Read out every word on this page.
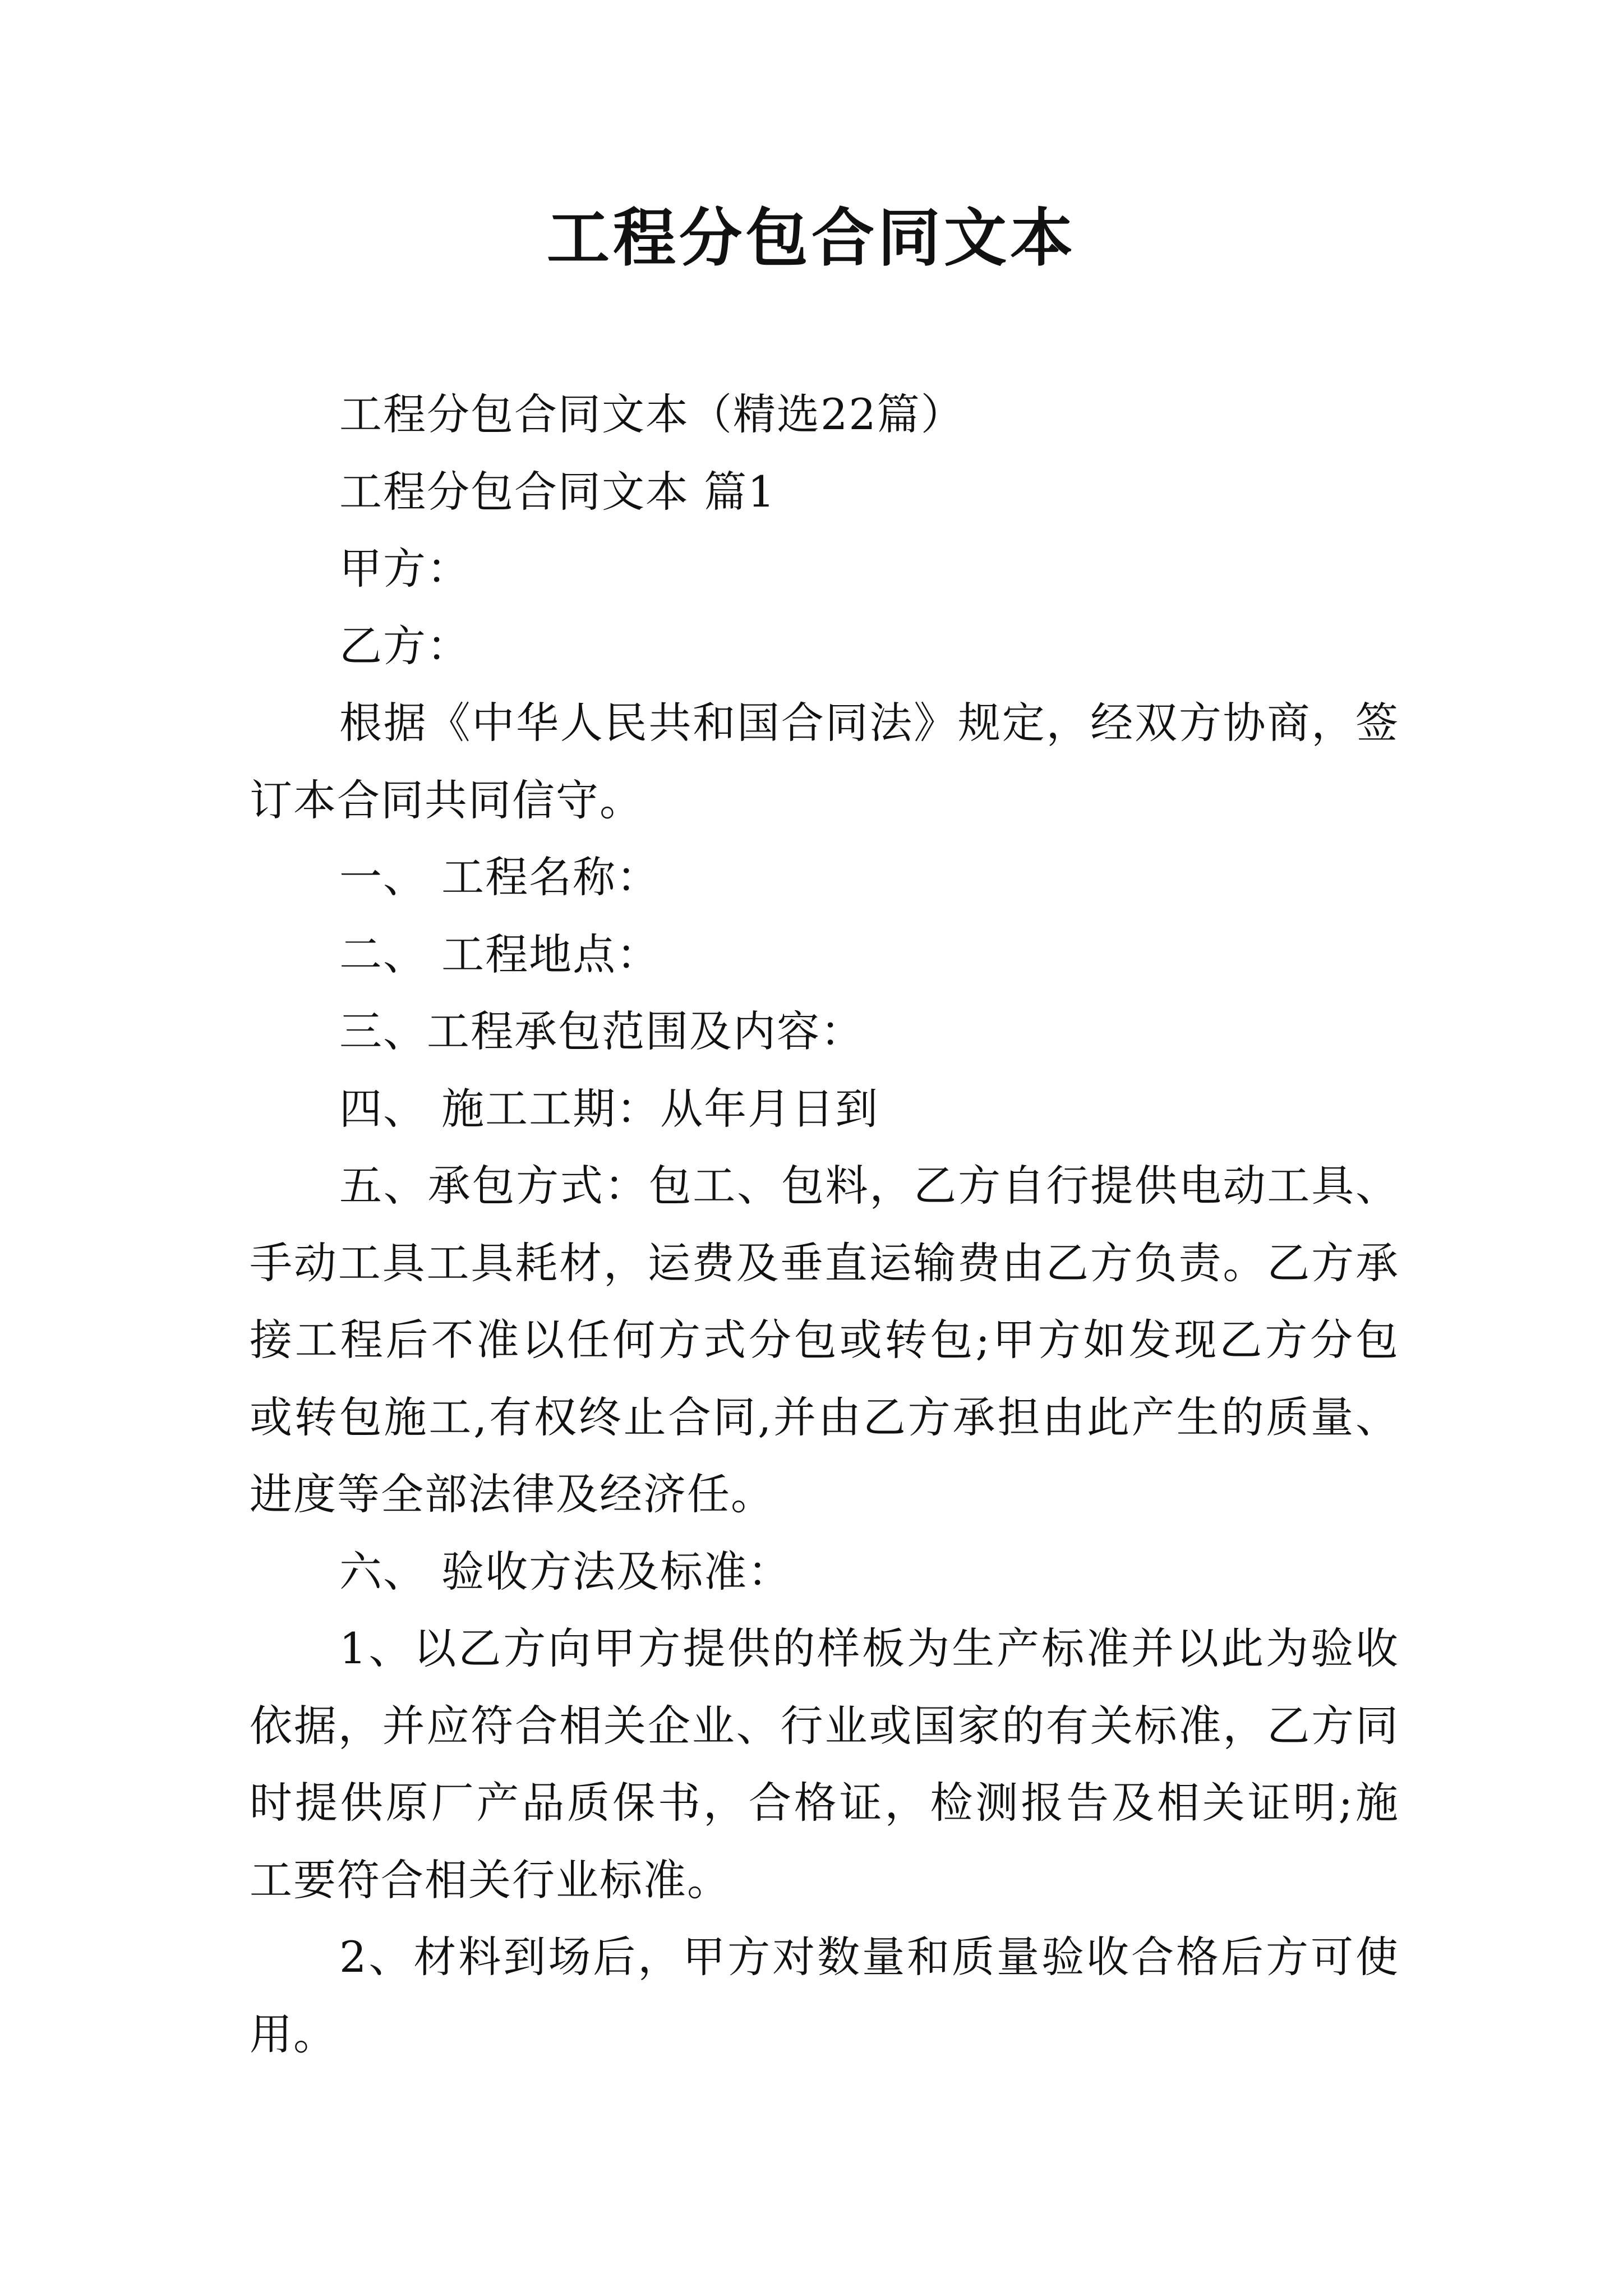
工程分包合同文本

工程分包合同文本（精选22篇）

工程分包合同文本 篇1

甲方：

乙方：

根据《中华人民共和国合同法》规定，经双方协商，签订本合同共同信守。

一、 工程名称：

二、 工程地点：

三、工程承包范围及内容：

四、 施工工期：从年月日到

五、承包方式：包工、包料，乙方自行提供电动工具、手动工具工具耗材，运费及垂直运输费由乙方负责。乙方承接工程后不准以任何方式分包或转包;甲方如发现乙方分包或转包施工,有权终止合同,并由乙方承担由此产生的质量、进度等全部法律及经济任。

六、 验收方法及标准：

1、以乙方向甲方提供的样板为生产标准并以此为验收依据，并应符合相关企业、行业或国家的有关标准，乙方同时提供原厂产品质保书，合格证，检测报告及相关证明;施工要符合相关行业标准。

2、材料到场后，甲方对数量和质量验收合格后方可使用。
